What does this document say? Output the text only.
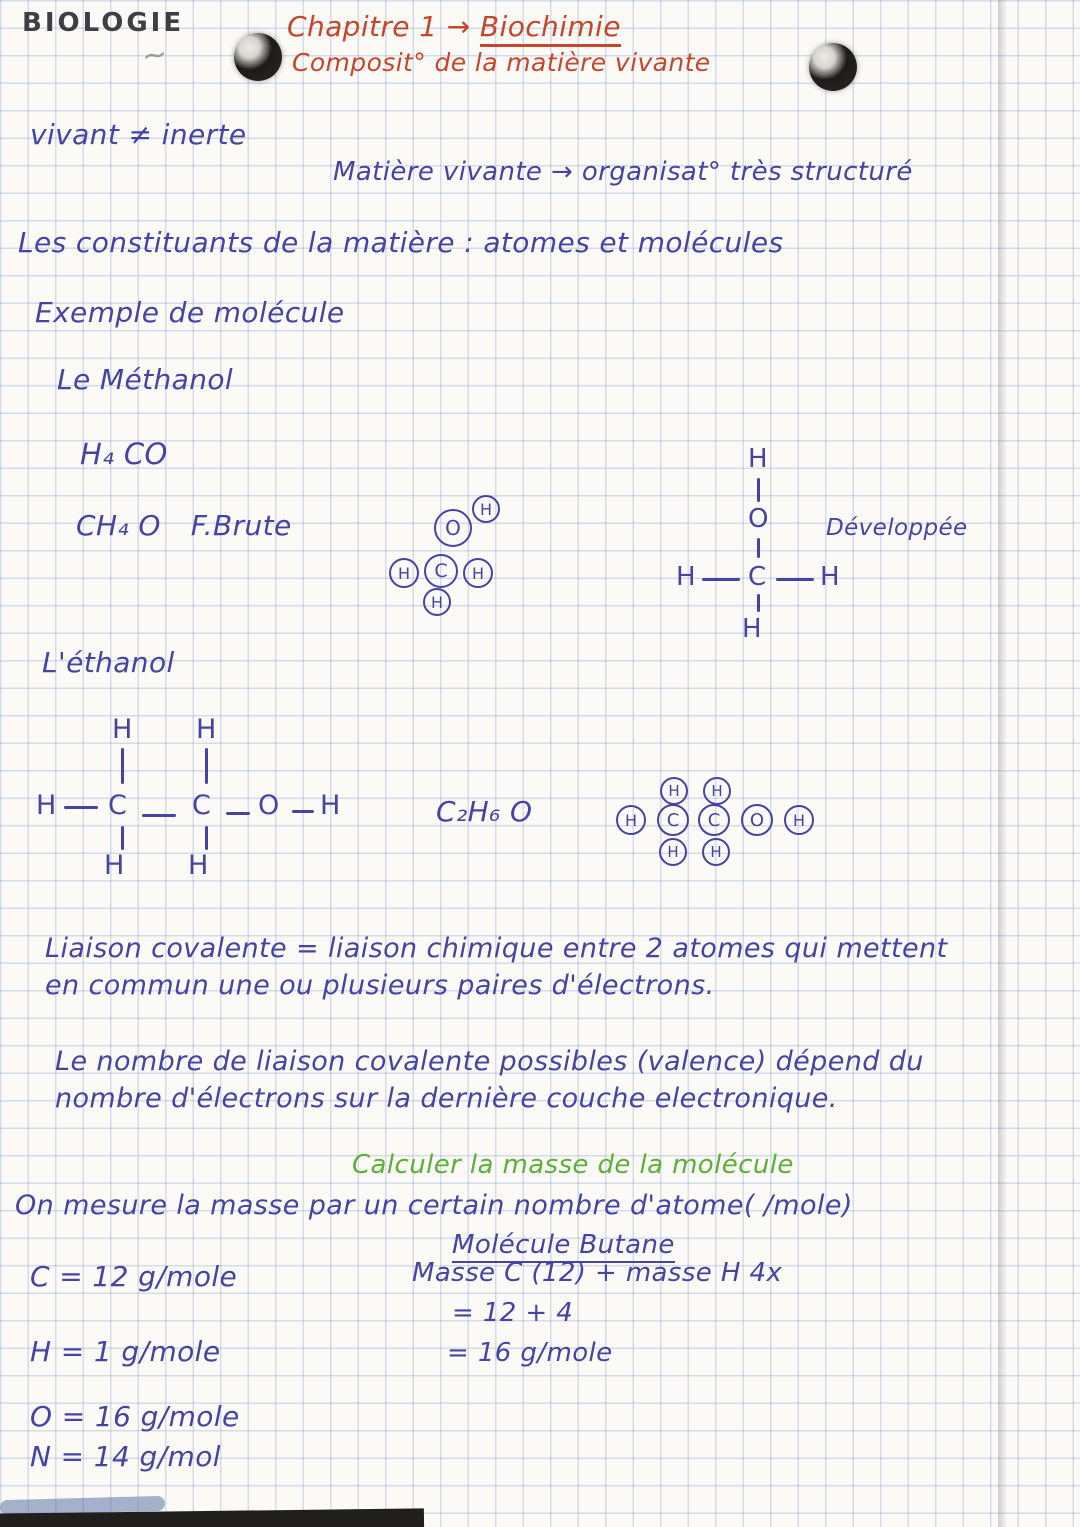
BIOLOGIE
~
Chapitre 1 → Biochimie
Composit° de la matière vivante
vivant ≠ inerte
Matière vivante → organisat° très structuré
Les constituants de la matière : atomes et molécules
Exemple de molécule
Le Méthanol
H₄ CO
CH₄ O F.Brute	H
O
H	C	H
H
H
O
H C H
H
Développée
L'éthanol
H H
H C C O H
H H
C₂H₆ O
H	H
H	C	C	O	H
H	H
Liaison covalente = liaison chimique entre 2 atomes qui mettent
en commun une ou plusieurs paires d'électrons.
Le nombre de liaison covalente possibles (valence) dépend du
nombre d'électrons sur la dernière couche electronique.
Calculer la masse de la molécule
On mesure la masse par un certain nombre d'atome( /mole)
Molécule Butane
C = 12 g/mole	Masse C (12) + masse H 4x
= 12 + 4
H = 1 g/mole	= 16 g/mole
O = 16 g/mole
N = 14 g/mol
